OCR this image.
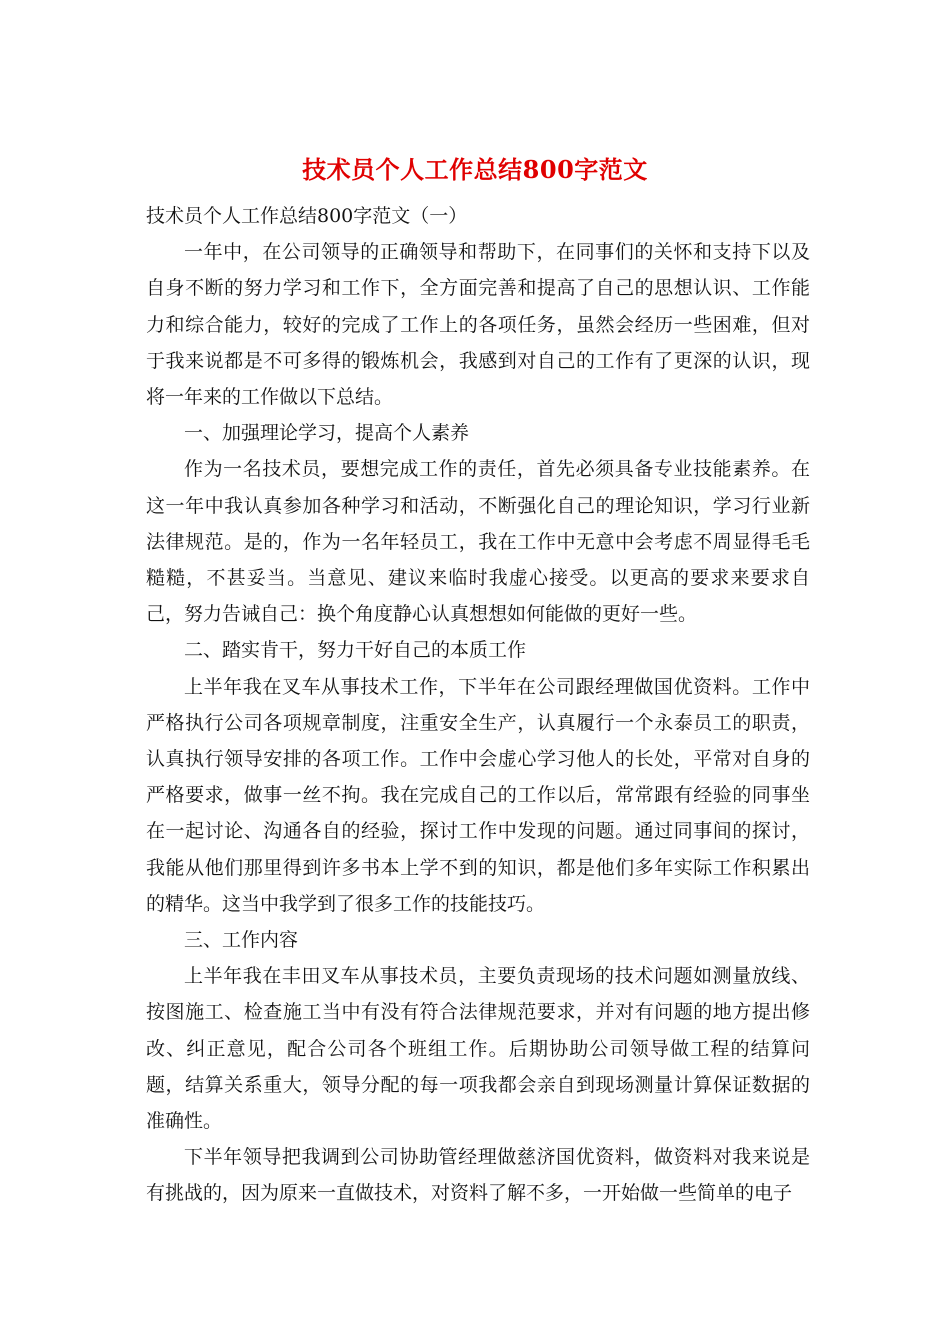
技术员个人工作总结800字范文

技术员个人工作总结800字范文（一）

一年中，在公司领导的正确领导和帮助下，在同事们的关怀和支持下以及自身不断的努力学习和工作下，全方面完善和提高了自己的思想认识、工作能力和综合能力，较好的完成了工作上的各项任务，虽然会经历一些困难，但对于我来说都是不可多得的锻炼机会，我感到对自己的工作有了更深的认识，现将一年来的工作做以下总结。

一、加强理论学习，提高个人素养

作为一名技术员，要想完成工作的责任，首先必须具备专业技能素养。在这一年中我认真参加各种学习和活动，不断强化自己的理论知识，学习行业新法律规范。是的，作为一名年轻员工，我在工作中无意中会考虑不周显得毛毛糙糙，不甚妥当。当意见、建议来临时我虚心接受。以更高的要求来要求自己，努力告诫自己：换个角度静心认真想想如何能做的更好一些。

二、踏实肯干，努力干好自己的本质工作

上半年我在叉车从事技术工作，下半年在公司跟经理做国优资料。工作中严格执行公司各项规章制度，注重安全生产，认真履行一个永泰员工的职责，认真执行领导安排的各项工作。工作中会虚心学习他人的长处，平常对自身的严格要求，做事一丝不拘。我在完成自己的工作以后，常常跟有经验的同事坐在一起讨论、沟通各自的经验，探讨工作中发现的问题。通过同事间的探讨，我能从他们那里得到许多书本上学不到的知识，都是他们多年实际工作积累出的精华。这当中我学到了很多工作的技能技巧。

三、工作内容

上半年我在丰田叉车从事技术员，主要负责现场的技术问题如测量放线、按图施工、检查施工当中有没有符合法律规范要求，并对有问题的地方提出修改、纠正意见，配合公司各个班组工作。后期协助公司领导做工程的结算问题，结算关系重大，领导分配的每一项我都会亲自到现场测量计算保证数据的准确性。

下半年领导把我调到公司协助管经理做慈济国优资料，做资料对我来说是有挑战的，因为原来一直做技术，对资料了解不多，一开始做一些简单的电子
